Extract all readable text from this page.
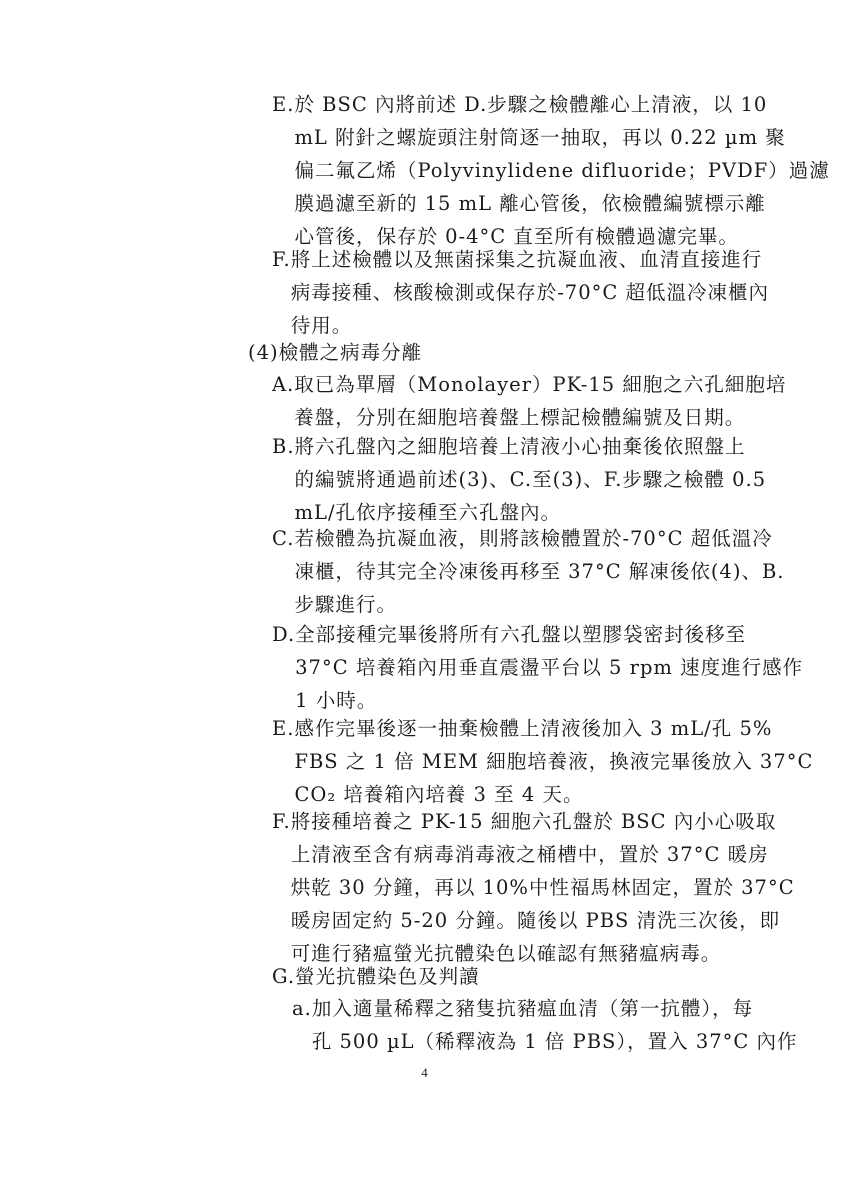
E. 於 BSC 內將前述 D.步驟之檢體離心上清液，以 10
mL 附針之螺旋頭注射筒逐一抽取，再以 0.22 µm 聚
偏二氟乙烯（Polyvinylidene difluoride；PVDF）過濾
膜過濾至新的 15 mL 離心管後，依檢體編號標示離
心管後，保存於 0-4°C 直至所有檢體過濾完畢。
F. 將上述檢體以及無菌採集之抗凝血液、血清直接進行
病毒接種、核酸檢測或保存於-70°C 超低溫冷凍櫃內
待用。
(4)檢體之病毒分離
A. 取已為單層（Monolayer）PK-15 細胞之六孔細胞培
養盤，分別在細胞培養盤上標記檢體編號及日期。
B. 將六孔盤內之細胞培養上清液小心抽棄後依照盤上
的編號將通過前述(3)、C.至(3)、F.步驟之檢體 0.5
mL/孔依序接種至六孔盤內。
C. 若檢體為抗凝血液，則將該檢體置於-70°C 超低溫冷
凍櫃，待其完全冷凍後再移至 37°C 解凍後依(4)、B.
步驟進行。
D. 全部接種完畢後將所有六孔盤以塑膠袋密封後移至
37°C 培養箱內用垂直震盪平台以 5 rpm 速度進行感作
1 小時。
E. 感作完畢後逐一抽棄檢體上清液後加入 3 mL/孔 5%
FBS 之 1 倍 MEM 細胞培養液，換液完畢後放入 37°C
CO₂ 培養箱內培養 3 至 4 天。
F. 將接種培養之 PK-15 細胞六孔盤於 BSC 內小心吸取
上清液至含有病毒消毒液之桶槽中，置於 37°C 暖房
烘乾 30 分鐘，再以 10%中性福馬林固定，置於 37°C
暖房固定約 5-20 分鐘。隨後以 PBS 清洗三次後，即
可進行豬瘟螢光抗體染色以確認有無豬瘟病毒。
G. 螢光抗體染色及判讀
a. 加入適量稀釋之豬隻抗豬瘟血清（第一抗體），每
孔 500 µL（稀釋液為 1 倍 PBS），置入 37°C 內作
4
